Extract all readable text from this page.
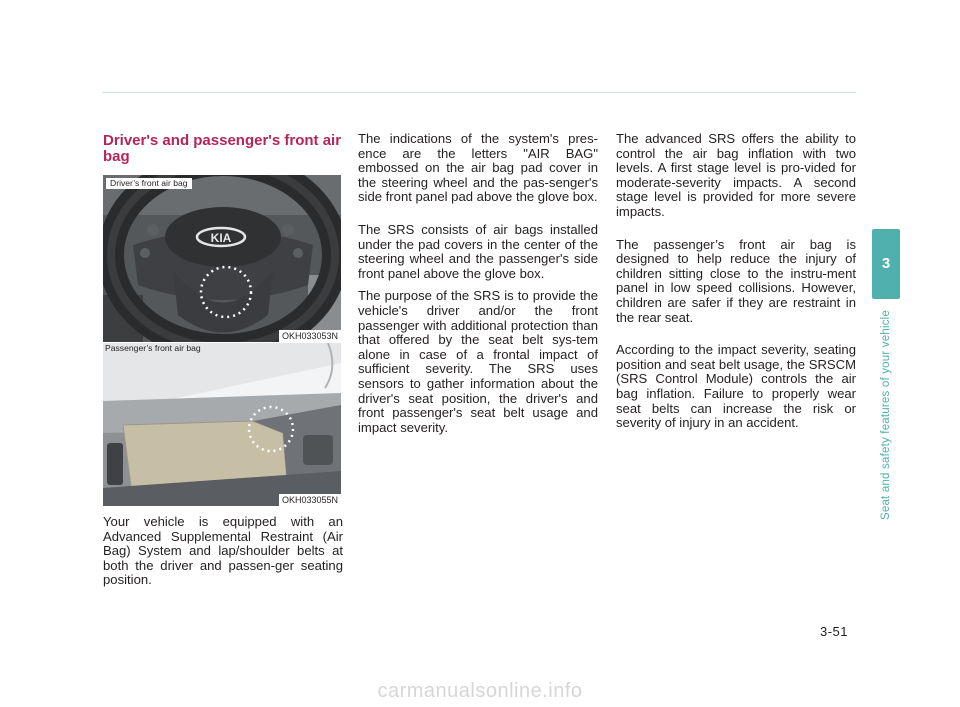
Driver's and passenger's front air bag
KIA
Driver’s front air bag
OKH033053N
Passenger’s front air bag
OKH033055N

Your vehicle is equipped with an Advanced Supplemental Restraint (Air Bag) System and lap/shoulder belts at both the driver and passen-ger seating position.

The indications of the system's pres-ence are the letters "AIR BAG" embossed on the air bag pad cover in the steering wheel and the pas-senger's side front panel pad above the glove box.

The SRS consists of air bags installed under the pad covers in the center of the steering wheel and the passenger's side front panel above the glove box.

The purpose of the SRS is to provide the vehicle's driver and/or the front passenger with additional protection than that offered by the seat belt sys-tem alone in case of a frontal impact of sufficient severity. The SRS uses sensors to gather information about the driver's seat position, the driver's and front passenger's seat belt usage and impact severity.

The advanced SRS offers the ability to control the air bag inflation with two levels. A first stage level is pro-vided for moderate-severity impacts. A second stage level is provided for more severe impacts.

The passenger’s front air bag is designed to help reduce the injury of children sitting close to the instru-ment panel in low speed collisions. However, children are safer if they are restraint in the rear seat.

According to the impact severity, seating position and seat belt usage, the SRSCM (SRS Control Module) controls the air bag inflation. Failure to properly wear seat belts can increase the risk or severity of injury in an accident.

3
Seat and safety features of your vehicle
3-51
carmanualsonline.info
